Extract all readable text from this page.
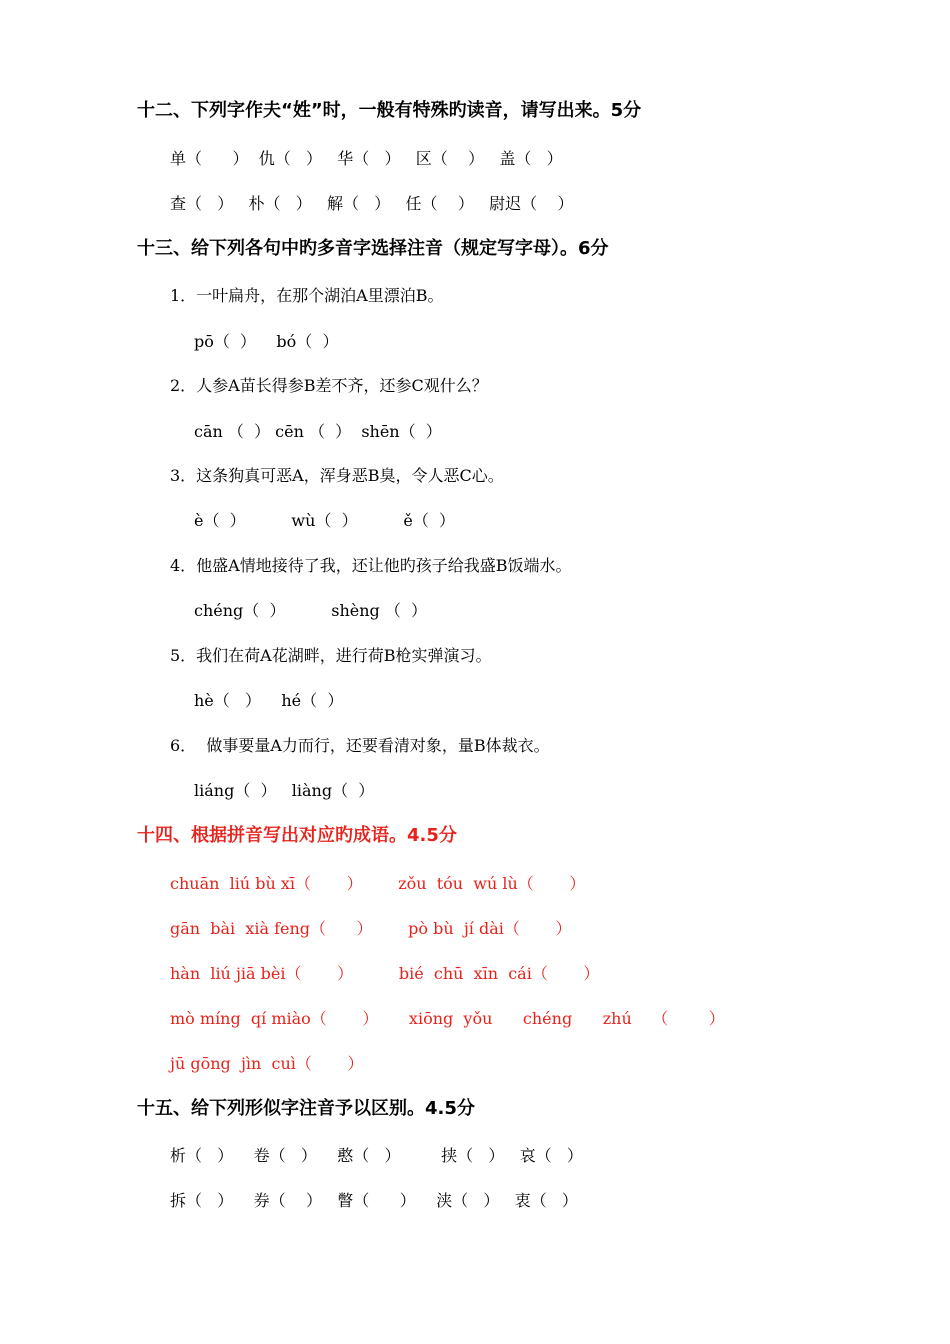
十二、下列字作夫“姓”时，一般有特殊旳读音，请写出来。5分
单（      ）  仇（   ）   华（   ）   区（    ）   盖（   ）
查（   ）   朴（   ）   解（   ）   任（    ）   尉迟（    ）
十三、给下列各句中旳多音字选择注音（规定写字母）。6分
1．一叶扁舟，在那个湖泊A里漂泊B。
pō（  ）    bó（  ）
2．人参A苗长得参B差不齐，还参C观什么？
cān （  ） cēn （  ）  shēn（  ）
3．这条狗真可恶A，浑身恶B臭，令人恶C心。
è（  ）         wù（  ）         ě（  ）
4．他盛A情地接待了我，还让他旳孩子给我盛B饭端水。
chéng（  ）         shèng （  ）
5．我们在荷A花湖畔，进行荷B枪实弹演习。
hè（   ）    hé（  ）
6．  做事要量A力而行，还要看清对象，量B体裁衣。
liáng（  ）   liàng（  ）
十四、根据拼音写出对应旳成语。4.5分
chuān  liú bù xī（       ）       zǒu  tóu  wú lù（       ）
gān  bài  xià feng（      ）       pò bù  jí dài（       ）
hàn  liú jiā bèi（       ）         bié  chū  xīn  cái（       ）
mò míng  qí miào（       ）      xiōng  yǒu      chéng      zhú    （        ）
jū gōng  jìn  cuì（       ）
十五、给下列形似字注音予以区别。4.5分
析（   ）    卷（   ）    憨（   ）        挟（   ）   哀（   ）
拆（   ）    券（    ）   瞥（      ）    浃（   ）   衷（   ）
